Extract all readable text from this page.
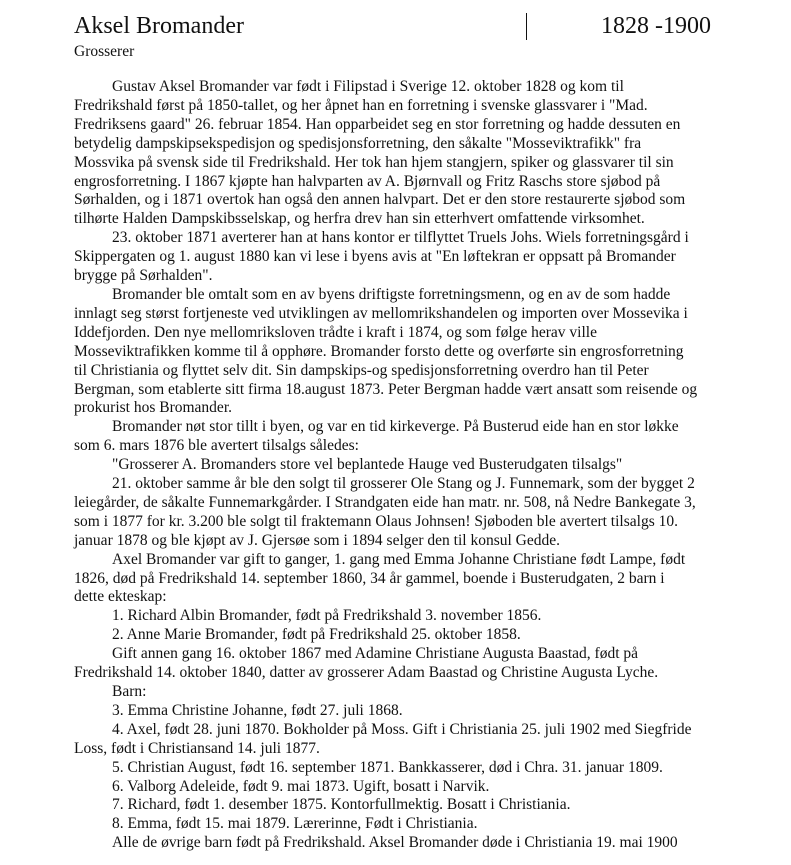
Aksel Bromander	1828 -1900
Grosserer
Gustav Aksel Bromander var født i Filipstad i Sverige 12. oktober 1828 og kom til
Fredrikshald først på 1850-tallet, og her åpnet han en forretning i svenske glassvarer i "Mad.
Fredriksens gaard" 26. februar 1854. Han opparbeidet seg en stor forretning og hadde dessuten en
betydelig dampskipsekspedisjon og spedisjonsforretning, den såkalte "Mosseviktrafikk" fra
Mossvika på svensk side til Fredrikshald. Her tok han hjem stangjern, spiker og glassvarer til sin
engrosforretning. I 1867 kjøpte han halvparten av A. Bjørnvall og Fritz Raschs store sjøbod på
Sørhalden, og i 1871 overtok han også den annen halvpart. Det er den store restaurerte sjøbod som
tilhørte Halden Dampskibsselskap, og herfra drev han sin etterhvert omfattende virksomhet.
23. oktober 1871 averterer han at hans kontor er tilflyttet Truels Johs. Wiels forretningsgård i
Skippergaten og 1. august 1880 kan vi lese i byens avis at "En løftekran er oppsatt på Bromander
brygge på Sørhalden".
Bromander ble omtalt som en av byens driftigste forretningsmenn, og en av de som hadde
innlagt seg størst fortjeneste ved utviklingen av mellomrikshandelen og importen over Mossevika i
Iddefjorden. Den nye mellomriksloven trådte i kraft i 1874, og som følge herav ville
Mosseviktrafikken komme til å opphøre. Bromander forsto dette og overførte sin engrosforretning
til Christiania og flyttet selv dit. Sin dampskips-og spedisjonsforretning overdro han til Peter
Bergman, som etablerte sitt firma 18.august 1873. Peter Bergman hadde vært ansatt som reisende og
prokurist hos Bromander.
Bromander nøt stor tillt i byen, og var en tid kirkeverge. På Busterud eide han en stor løkke
som 6. mars 1876 ble avertert tilsalgs således:
"Grosserer A. Bromanders store vel beplantede Hauge ved Busterudgaten tilsalgs"
21. oktober samme år ble den solgt til grosserer Ole Stang og J. Funnemark, som der bygget 2
leiegårder, de såkalte Funnemarkgårder. I Strandgaten eide han matr. nr. 508, nå Nedre Bankegate 3,
som i 1877 for kr. 3.200 ble solgt til fraktemann Olaus Johnsen! Sjøboden ble avertert tilsalgs 10.
januar 1878 og ble kjøpt av J. Gjersøe som i 1894 selger den til konsul Gedde.
Axel Bromander var gift to ganger, 1. gang med Emma Johanne Christiane født Lampe, født
1826, død på Fredrikshald 14. september 1860, 34 år gammel, boende i Busterudgaten, 2 barn i
dette ekteskap:
1. Richard Albin Bromander, født på Fredrikshald 3. november 1856.
2. Anne Marie Bromander, født på Fredrikshald 25. oktober 1858.
Gift annen gang 16. oktober 1867 med Adamine Christiane Augusta Baastad, født på
Fredrikshald 14. oktober 1840, datter av grosserer Adam Baastad og Christine Augusta Lyche.
Barn:
3. Emma Christine Johanne, født 27. juli 1868.
4. Axel, født 28. juni 1870. Bokholder på Moss. Gift i Christiania 25. juli 1902 med Siegfride
Loss, født i Christiansand 14. juli 1877.
5. Christian August, født 16. september 1871. Bankkasserer, død i Chra. 31. januar 1809.
6. Valborg Adeleide, født 9. mai 1873. Ugift, bosatt i Narvik.
7. Richard, født 1. desember 1875. Kontorfullmektig. Bosatt i Christiania.
8. Emma, født 15. mai 1879. Lærerinne, Født i Christiania.
Alle de øvrige barn født på Fredrikshald. Aksel Bromander døde i Christiania 19. mai 1900
